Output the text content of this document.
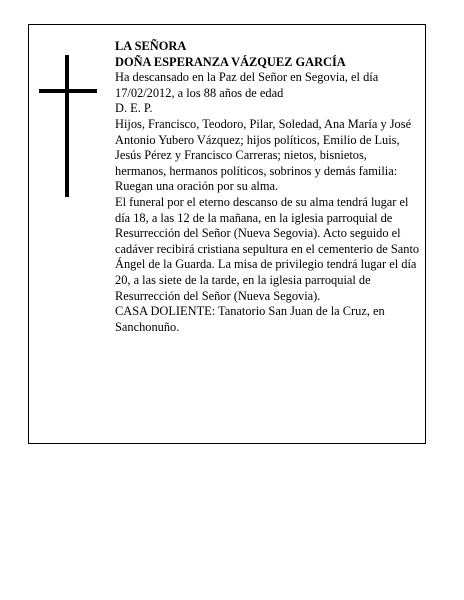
LA SEÑORA

DOÑA ESPERANZA VÁZQUEZ GARCÍA

Ha descansado en la Paz del Señor en Segovia, el día 17/02/2012, a los 88 años de edad

D. E. P.

Hijos, Francisco, Teodoro, Pilar, Soledad, Ana María y José Antonio Yubero Vázquez; hijos políticos, Emilio de Luis, Jesús Pérez y Francisco Carreras; nietos, bisnietos, hermanos, hermanos políticos, sobrinos y demás familia:

Ruegan una oración por su alma.

El funeral por el eterno descanso de su alma tendrá lugar el día 18, a las 12 de la mañana, en la iglesia parroquial de Resurrección del Señor (Nueva Segovia). Acto seguido el cadáver recibirá cristiana sepultura en el cementerio de Santo Ángel de la Guarda. La misa de privilegio tendrá lugar el día 20, a las siete de la tarde, en la iglesia parroquial de Resurrección del Señor (Nueva Segovia).

CASA DOLIENTE: Tanatorio San Juan de la Cruz, en Sanchonuño.
